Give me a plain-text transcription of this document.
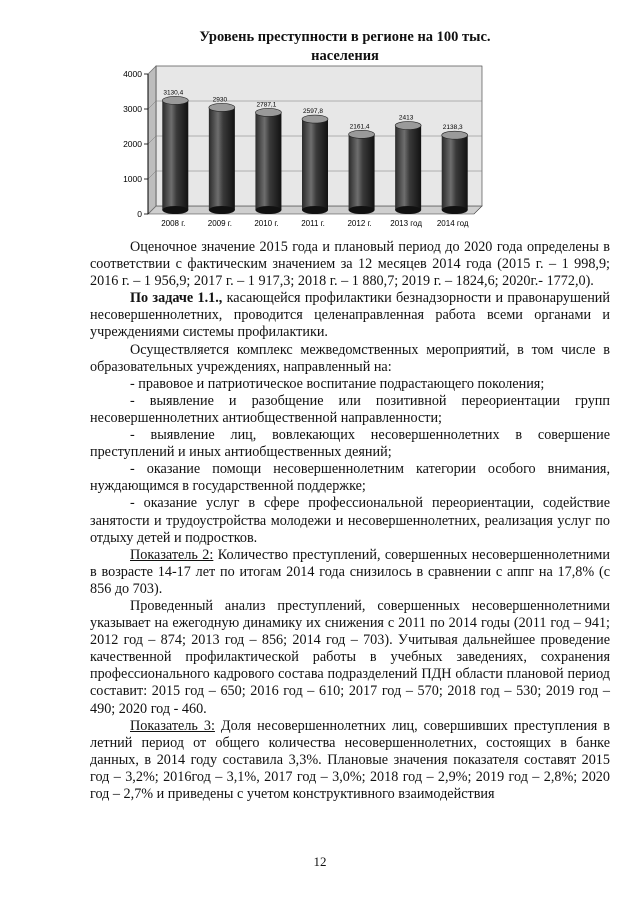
Уровень преступности в регионе на 100 тыс.
населения
0
1000
2000
3000
4000
3130,4
2008 г.
2930
2009 г.
2787,1
2010 г.
2597,8
2011 г.
2161,4
2012 г.
2413
2013 год
2138,3
2014 год

Оценочное значение 2015 года и плановый период до 2020 года определены в соответствии с фактическим значением за 12 месяцев 2014 года (2015 г. – 1 998,9; 2016 г. – 1 956,9; 2017 г. – 1 917,3; 2018 г. – 1 880,7; 2019 г. – 1824,6; 2020г.- 1772,0).

По задаче 1.1., касающейся профилактики безнадзорности и правонарушений несовершеннолетних, проводится целенаправленная работа всеми органами и учреждениями системы профилактики.

Осуществляется комплекс межведомственных мероприятий, в том числе в образовательных учреждениях, направленный на:

- правовое и патриотическое воспитание подрастающего поколения;

- выявление и разобщение или позитивной переориентации групп несовершеннолетних антиобщественной направленности;

- выявление лиц, вовлекающих несовершеннолетних в совершение преступлений и иных антиобщественных деяний;

- оказание помощи несовершеннолетним категории особого внимания, нуждающимся в государственной поддержке;

- оказание услуг в сфере профессиональной переориентации, содействие занятости и трудоустройства молодежи и несовершеннолетних, реализация услуг по отдыху детей и подростков.

Показатель 2: Количество преступлений, совершенных несовершеннолетними в возрасте 14-17 лет по итогам 2014 года снизилось в сравнении с аппг на 17,8% (с 856 до 703).

Проведенный анализ преступлений, совершенных несовершеннолетними указывает на ежегодную динамику их снижения с 2011 по 2014 годы (2011 год – 941; 2012 год – 874; 2013 год – 856; 2014 год – 703). Учитывая дальнейшее проведение качественной профилактической работы в учебных заведениях, сохранения профессионального кадрового состава подразделений ПДН области плановой период составит: 2015 год – 650; 2016 год – 610; 2017 год – 570; 2018 год – 530; 2019 год – 490; 2020 год - 460.

Показатель 3: Доля несовершеннолетних лиц, совершивших преступления в летний период от общего количества несовершеннолетних, состоящих в банке данных, в 2014 году составила 3,3%. Плановые значения показателя составят 2015 год – 3,2%; 2016год – 3,1%, 2017 год – 3,0%; 2018 год – 2,9%; 2019 год – 2,8%; 2020 год – 2,7% и приведены с учетом конструктивного взаимодействия

12
